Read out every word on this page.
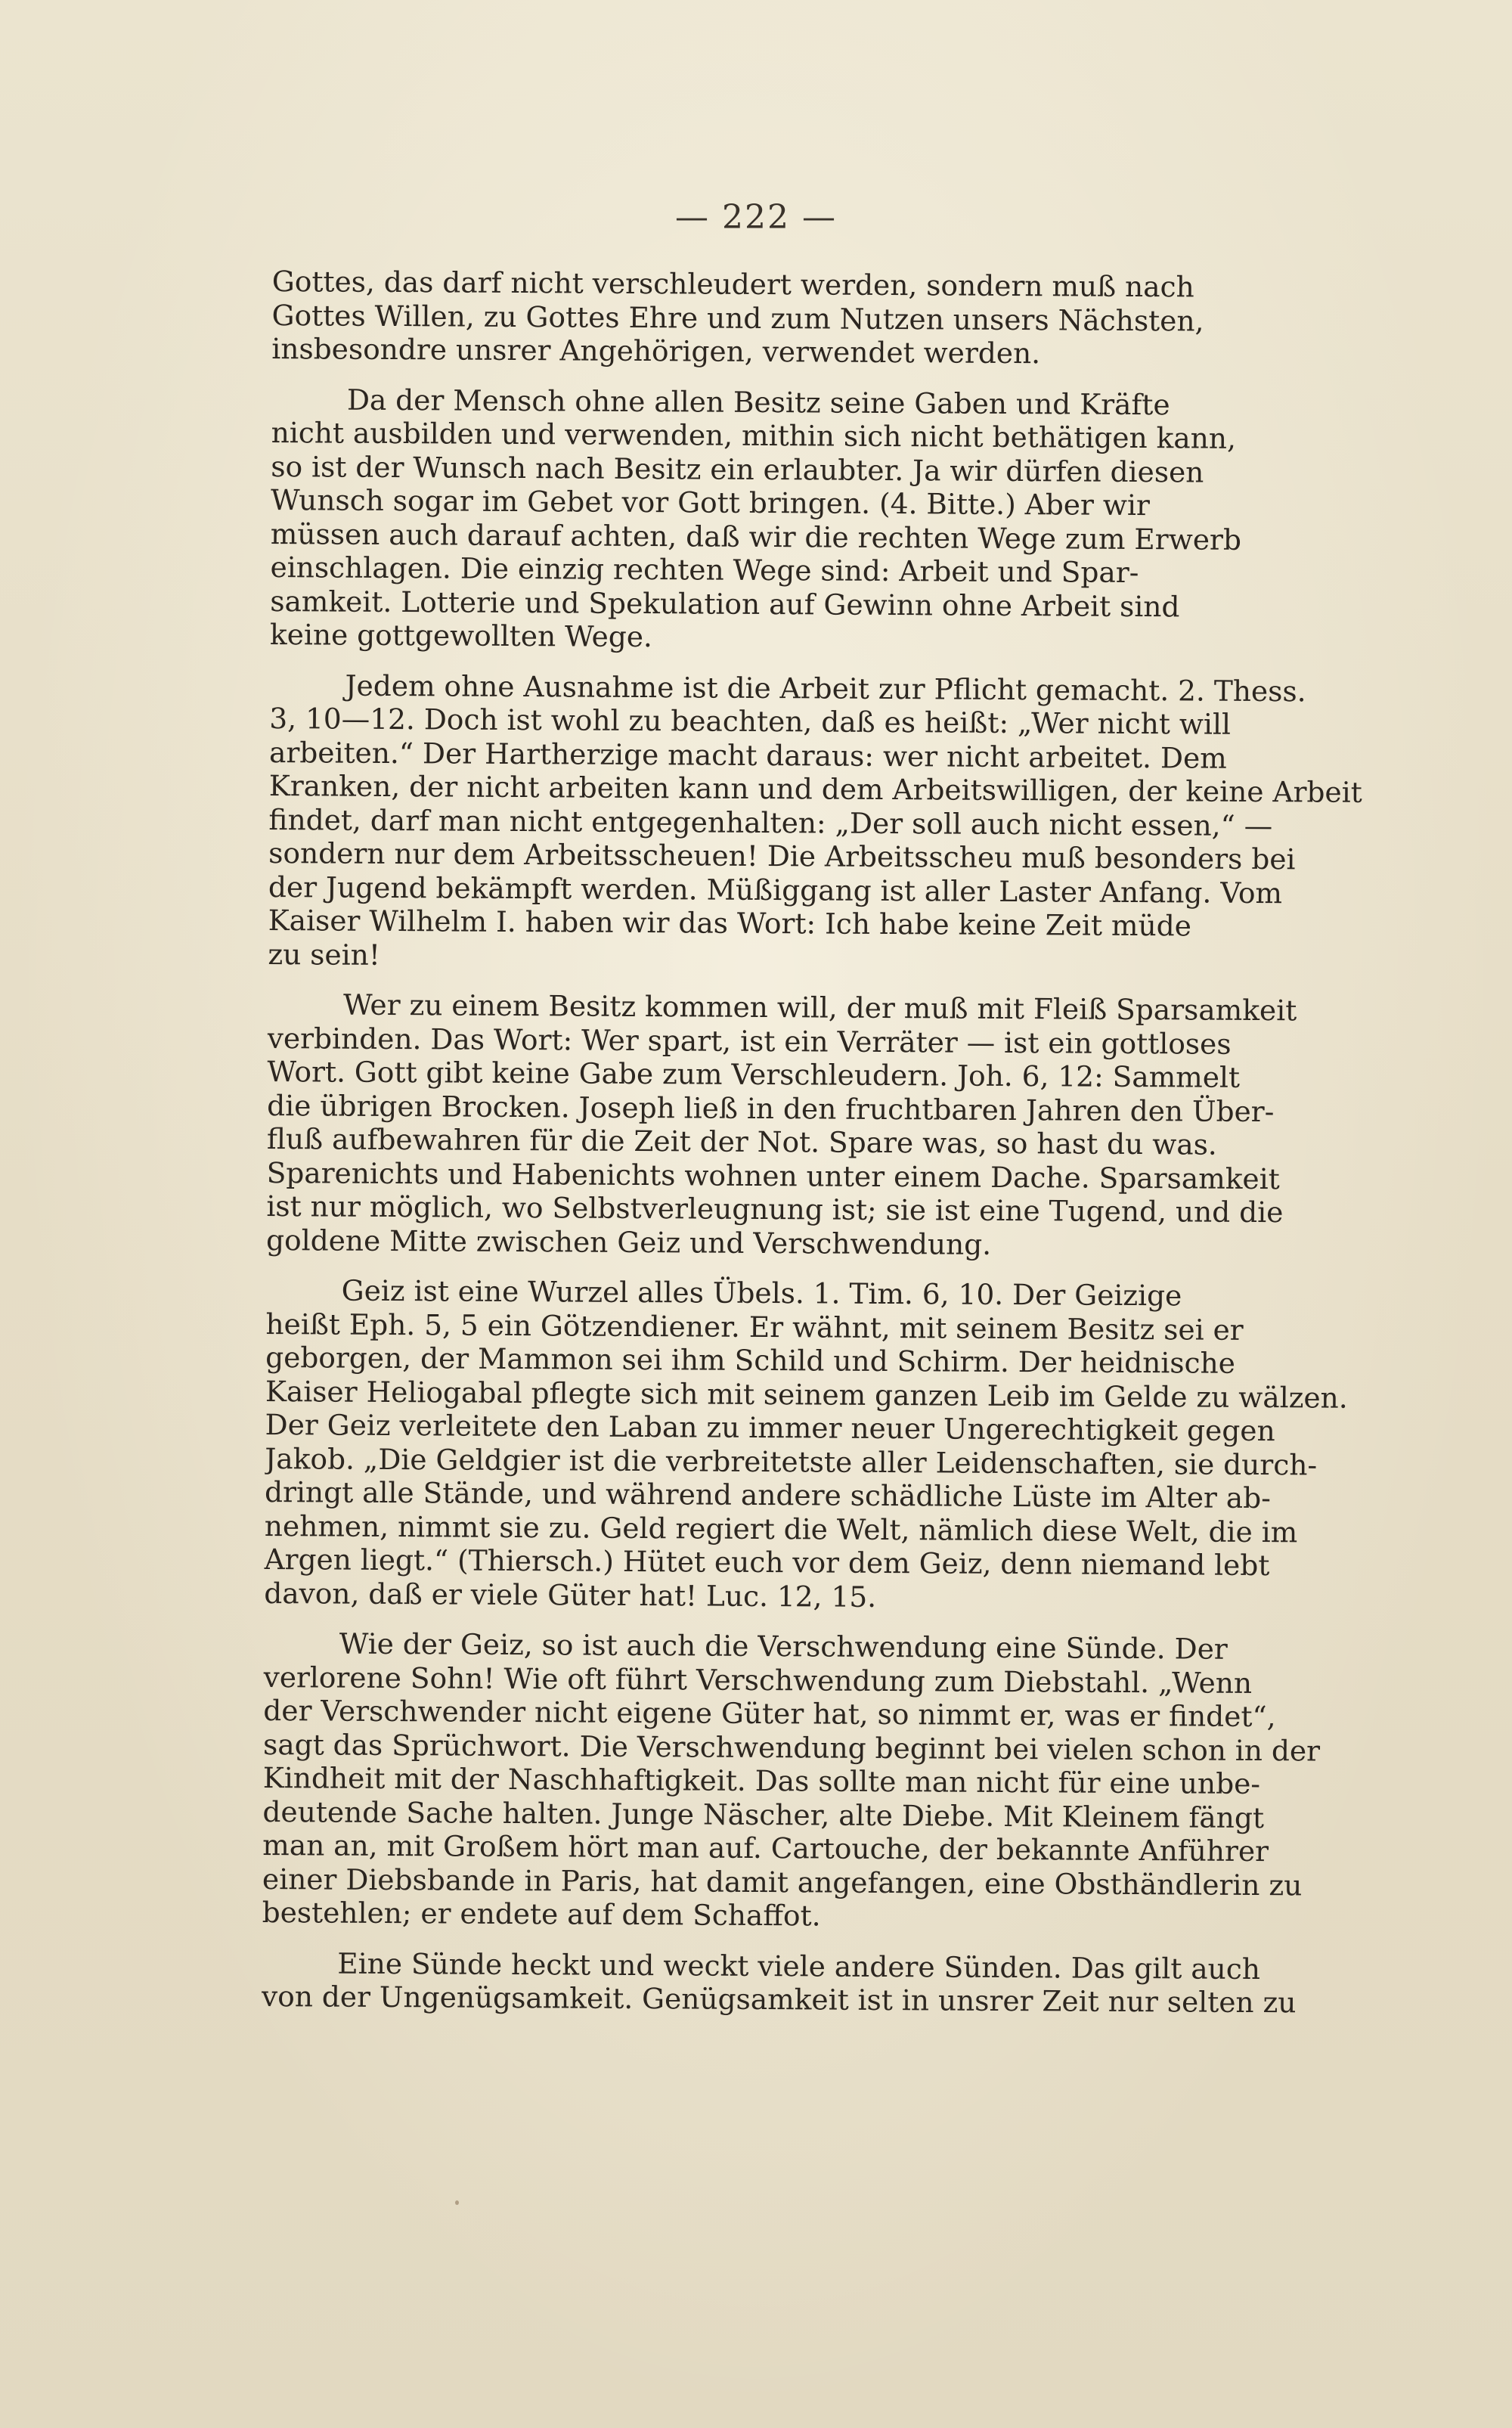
— 222 —

Gottes, das darf nicht verschleudert werden, sondern muß nach
Gottes Willen, zu Gottes Ehre und zum Nutzen unsers Nächsten,
insbesondre unsrer Angehörigen, verwendet werden.

Da der Mensch ohne allen Besitz seine Gaben und Kräfte
nicht ausbilden und verwenden, mithin sich nicht bethätigen kann,
so ist der Wunsch nach Besitz ein erlaubter. Ja wir dürfen diesen
Wunsch sogar im Gebet vor Gott bringen. (4. Bitte.) Aber wir
müssen auch darauf achten, daß wir die rechten Wege zum Erwerb
einschlagen. Die einzig rechten Wege sind: Arbeit und Spar-
samkeit. Lotterie und Spekulation auf Gewinn ohne Arbeit sind
keine gottgewollten Wege.

Jedem ohne Ausnahme ist die Arbeit zur Pflicht gemacht. 2. Thess.
3, 10—12. Doch ist wohl zu beachten, daß es heißt: „Wer nicht will
arbeiten.“ Der Hartherzige macht daraus: wer nicht arbeitet. Dem
Kranken, der nicht arbeiten kann und dem Arbeitswilligen, der keine Arbeit
findet, darf man nicht entgegenhalten: „Der soll auch nicht essen,“ —
sondern nur dem Arbeitsscheuen! Die Arbeitsscheu muß besonders bei
der Jugend bekämpft werden. Müßiggang ist aller Laster Anfang. Vom
Kaiser Wilhelm I. haben wir das Wort: Ich habe keine Zeit müde
zu sein!

Wer zu einem Besitz kommen will, der muß mit Fleiß Sparsamkeit
verbinden. Das Wort: Wer spart, ist ein Verräter — ist ein gottloses
Wort. Gott gibt keine Gabe zum Verschleudern. Joh. 6, 12: Sammelt
die übrigen Brocken. Joseph ließ in den fruchtbaren Jahren den Über-
fluß aufbewahren für die Zeit der Not. Spare was, so hast du was.
Sparenichts und Habenichts wohnen unter einem Dache. Sparsamkeit
ist nur möglich, wo Selbstverleugnung ist; sie ist eine Tugend, und die
goldene Mitte zwischen Geiz und Verschwendung.

Geiz ist eine Wurzel alles Übels. 1. Tim. 6, 10. Der Geizige
heißt Eph. 5, 5 ein Götzendiener. Er wähnt, mit seinem Besitz sei er
geborgen, der Mammon sei ihm Schild und Schirm. Der heidnische
Kaiser Heliogabal pflegte sich mit seinem ganzen Leib im Gelde zu wälzen.
Der Geiz verleitete den Laban zu immer neuer Ungerechtigkeit gegen
Jakob. „Die Geldgier ist die verbreitetste aller Leidenschaften, sie durch-
dringt alle Stände, und während andere schädliche Lüste im Alter ab-
nehmen, nimmt sie zu. Geld regiert die Welt, nämlich diese Welt, die im
Argen liegt.“ (Thiersch.) Hütet euch vor dem Geiz, denn niemand lebt
davon, daß er viele Güter hat! Luc. 12, 15.

Wie der Geiz, so ist auch die Verschwendung eine Sünde. Der
verlorene Sohn! Wie oft führt Verschwendung zum Diebstahl. „Wenn
der Verschwender nicht eigene Güter hat, so nimmt er, was er findet“,
sagt das Sprüchwort. Die Verschwendung beginnt bei vielen schon in der
Kindheit mit der Naschhaftigkeit. Das sollte man nicht für eine unbe-
deutende Sache halten. Junge Näscher, alte Diebe. Mit Kleinem fängt
man an, mit Großem hört man auf. Cartouche, der bekannte Anführer
einer Diebsbande in Paris, hat damit angefangen, eine Obsthändlerin zu
bestehlen; er endete auf dem Schaffot.

Eine Sünde heckt und weckt viele andere Sünden. Das gilt auch
von der Ungenügsamkeit. Genügsamkeit ist in unsrer Zeit nur selten zu
